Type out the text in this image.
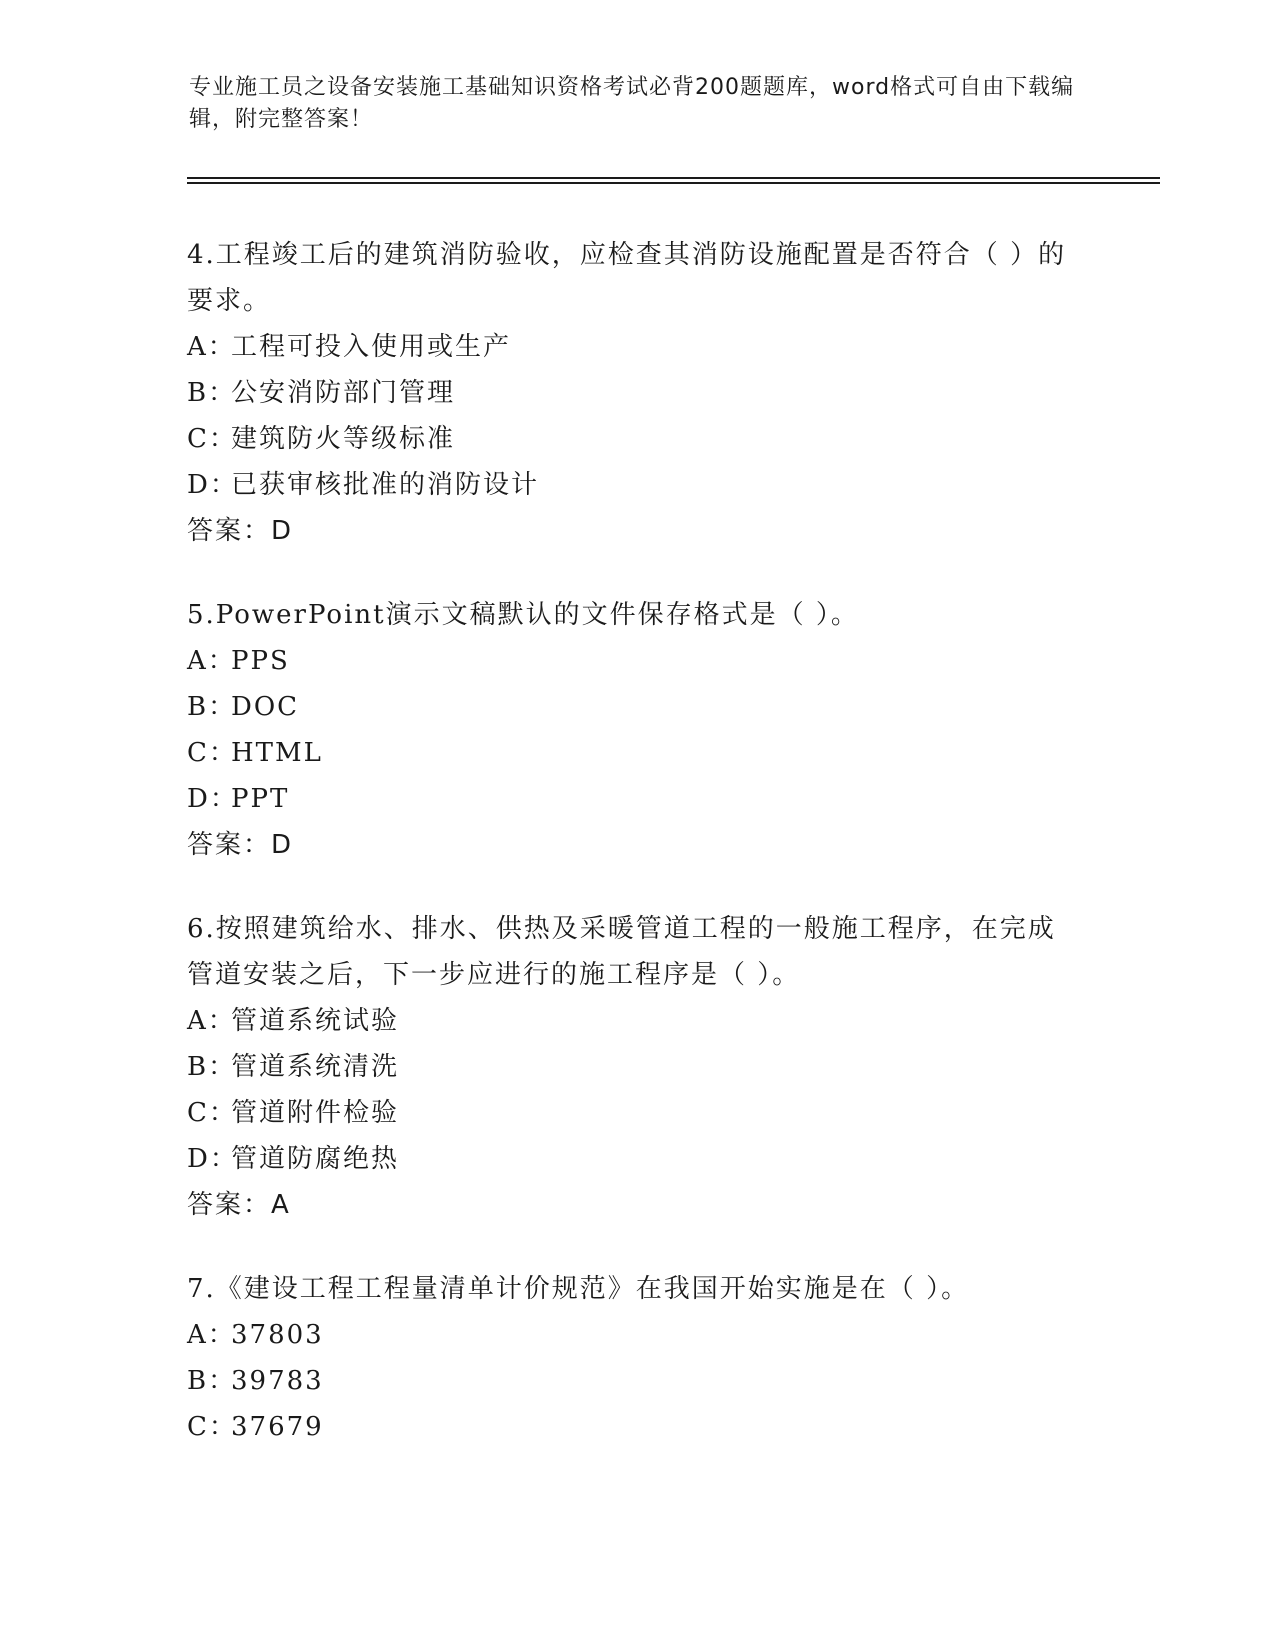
专业施工员之设备安装施工基础知识资格考试必背200题题库，word格式可自由下载编辑，附完整答案！

4.工程竣工后的建筑消防验收，应检查其消防设施配置是否符合（ ）的要求。

A：工程可投入使用或生产

B：公安消防部门管理

C：建筑防火等级标准

D：已获审核批准的消防设计

答案：D

5.PowerPoint演示文稿默认的文件保存格式是（ ）。

A：PPS

B：DOC

C：HTML

D：PPT

答案：D

6.按照建筑给水、排水、供热及采暖管道工程的一般施工程序，在完成管道安装之后，下一步应进行的施工程序是（ ）。

A：管道系统试验

B：管道系统清洗

C：管道附件检验

D：管道防腐绝热

答案：A

7.《建设工程工程量清单计价规范》在我国开始实施是在（ ）。

A：37803

B：39783

C：37679
